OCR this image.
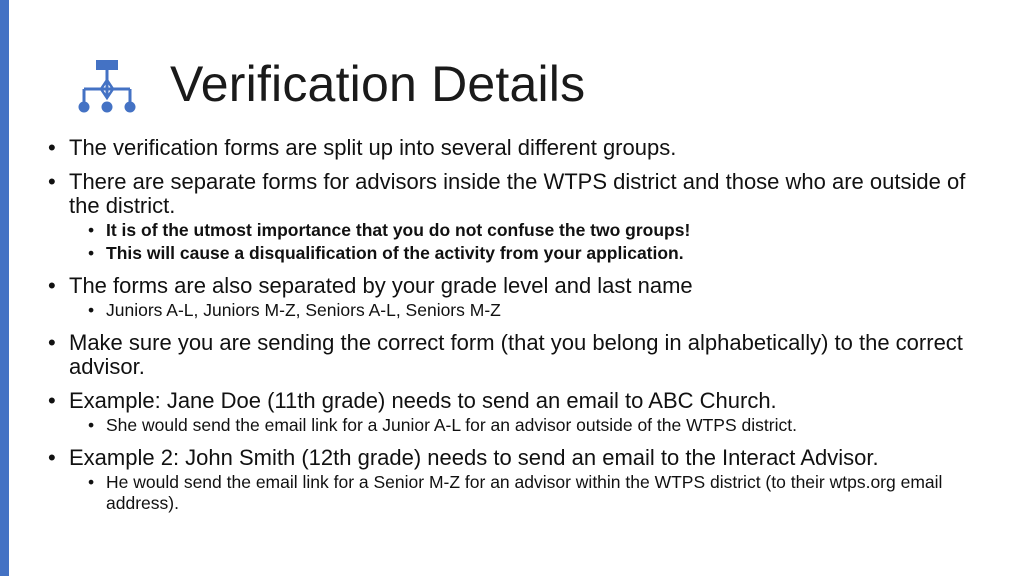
Verification Details
• The verification forms are split up into several different groups.
• There are separate forms for advisors inside the WTPS district and those who are outside of the district.
• It is of the utmost importance that you do not confuse the two groups!
• This will cause a disqualification of the activity from your application.
• The forms are also separated by your grade level and last name
• Juniors A-L, Juniors M-Z, Seniors A-L, Seniors M-Z
• Make sure you are sending the correct form (that you belong in alphabetically) to the correct advisor.
• Example: Jane Doe (11th grade) needs to send an email to ABC Church.
• She would send the email link for a Junior A-L for an advisor outside of the WTPS district.
• Example 2: John Smith (12th grade) needs to send an email to the Interact Advisor.
• He would send the email link for a Senior M-Z for an advisor within the WTPS district (to their wtps.org email address).
